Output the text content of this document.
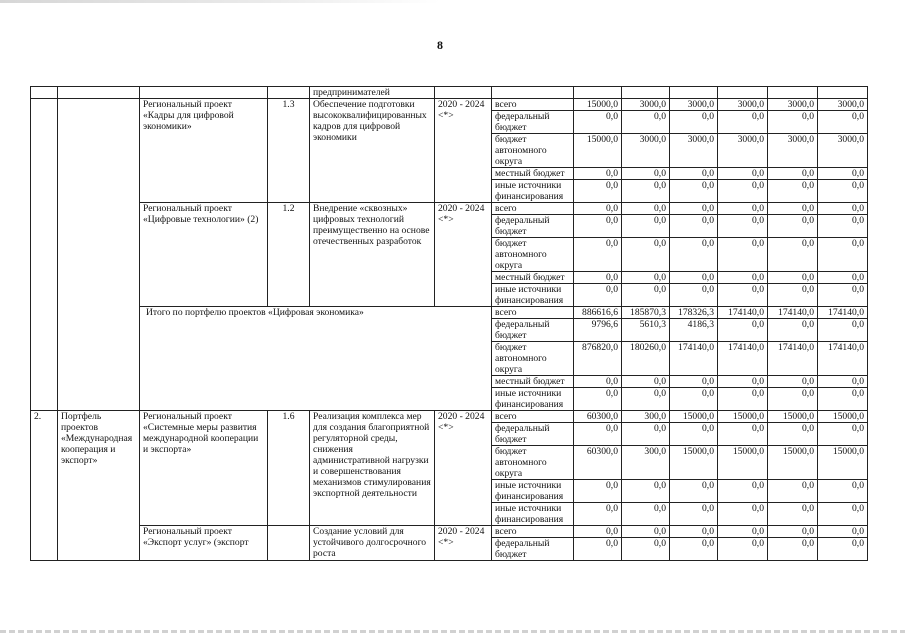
8
				предпринимателей								
		Региональный проект «Кадры для цифровой экономики»	1.3	Обеспечение подготовки высококвалифицированных кадров для цифровой экономики	2020 - 2024 <*>	всего	15000,0	3000,0	3000,0	3000,0	3000,0	3000,0
						федеральный бюджет	0,0	0,0	0,0	0,0	0,0	0,0
						бюджет автономного округа	15000,0	3000,0	3000,0	3000,0	3000,0	3000,0
						местный бюджет	0,0	0,0	0,0	0,0	0,0	0,0
						иные источники финансирования	0,0	0,0	0,0	0,0	0,0	0,0
		Региональный проект «Цифровые технологии» (2)	1.2	Внедрение «сквозных» цифровых технологий преимущественно на основе отечественных разработок	2020 - 2024 <*>	всего	0,0	0,0	0,0	0,0	0,0	0,0
						федеральный бюджет	0,0	0,0	0,0	0,0	0,0	0,0
						бюджет автономного округа	0,0	0,0	0,0	0,0	0,0	0,0
						местный бюджет	0,0	0,0	0,0	0,0	0,0	0,0
						иные источники финансирования	0,0	0,0	0,0	0,0	0,0	0,0
		Итого по портфелю проектов «Цифровая экономика»				всего	886616,6	185870,3	178326,3	174140,0	174140,0	174140,0
						федеральный бюджет	9796,6	5610,3	4186,3	0,0	0,0	0,0
						бюджет автономного округа	876820,0	180260,0	174140,0	174140,0	174140,0	174140,0
						местный бюджет	0,0	0,0	0,0	0,0	0,0	0,0
						иные источники финансирования	0,0	0,0	0,0	0,0	0,0	0,0
2.	Портфель проектов «Международная кооперация и экспорт»	Региональный проект «Системные меры развития международной кооперации и экспорта»	1.6	Реализация комплекса мер для создания благоприятной регуляторной среды, снижения административной нагрузки и совершенствования механизмов стимулирования экспортной деятельности	2020 - 2024 <*>	всего	60300,0	300,0	15000,0	15000,0	15000,0	15000,0
						федеральный бюджет	0,0	0,0	0,0	0,0	0,0	0,0
						бюджет автономного округа	60300,0	300,0	15000,0	15000,0	15000,0	15000,0
						иные источники финансирования	0,0	0,0	0,0	0,0	0,0	0,0
						иные источники финансирования	0,0	0,0	0,0	0,0	0,0	0,0
		Региональный проект «Экспорт услуг» (экспорт		Создание условий для устойчивого долгосрочного роста	2020 - 2024 <*>	всего	0,0	0,0	0,0	0,0	0,0	0,0
						федеральный бюджет	0,0	0,0	0,0	0,0	0,0	0,0
